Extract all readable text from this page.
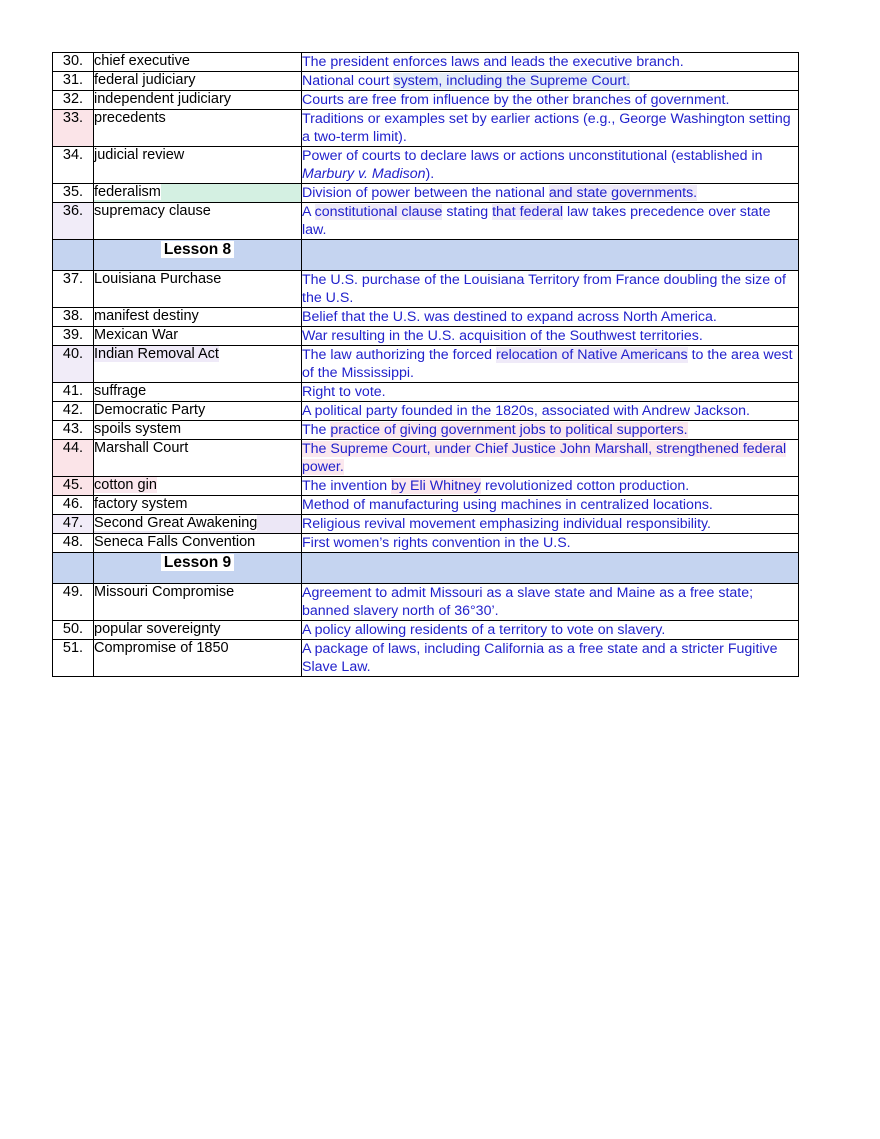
30.	chief executive	The president enforces laws and leads the executive branch.
31.	federal judiciary	National court system, including the Supreme Court.
32.	independent judiciary	Courts are free from influence by the other branches of government.
33.	precedents	Traditions or examples set by earlier actions (e.g., George Washington setting a two-term limit).
34.	judicial review	Power of courts to declare laws or actions unconstitutional (established in Marbury v. Madison).
35.	federalism	Division of power between the national and state governments.
36.	supremacy clause	A constitutional clause stating that federal law takes precedence over state law.
	Lesson 8	
37.	Louisiana Purchase	The U.S. purchase of the Louisiana Territory from France doubling the size of the U.S.
38.	manifest destiny	Belief that the U.S. was destined to expand across North America.
39.	Mexican War	War resulting in the U.S. acquisition of the Southwest territories.
40.	Indian Removal Act	The law authorizing the forced relocation of Native Americans to the area west of the Mississippi.
41.	suffrage	Right to vote.
42.	Democratic Party	A political party founded in the 1820s, associated with Andrew Jackson.
43.	spoils system	The practice of giving government jobs to political supporters.
44.	Marshall Court	The Supreme Court, under Chief Justice John Marshall, strengthened federal power.
45.	cotton gin	The invention by Eli Whitney revolutionized cotton production.
46.	factory system	Method of manufacturing using machines in centralized locations.
47.	Second Great Awakening	Religious revival movement emphasizing individual responsibility.
48.	Seneca Falls Convention	First women’s rights convention in the U.S.
	Lesson 9	
49.	Missouri Compromise	Agreement to admit Missouri as a slave state and Maine as a free state; banned slavery north of 36°30’.
50.	popular sovereignty	A policy allowing residents of a territory to vote on slavery.
51.	Compromise of 1850	A package of laws, including California as a free state and a stricter Fugitive Slave Law.
